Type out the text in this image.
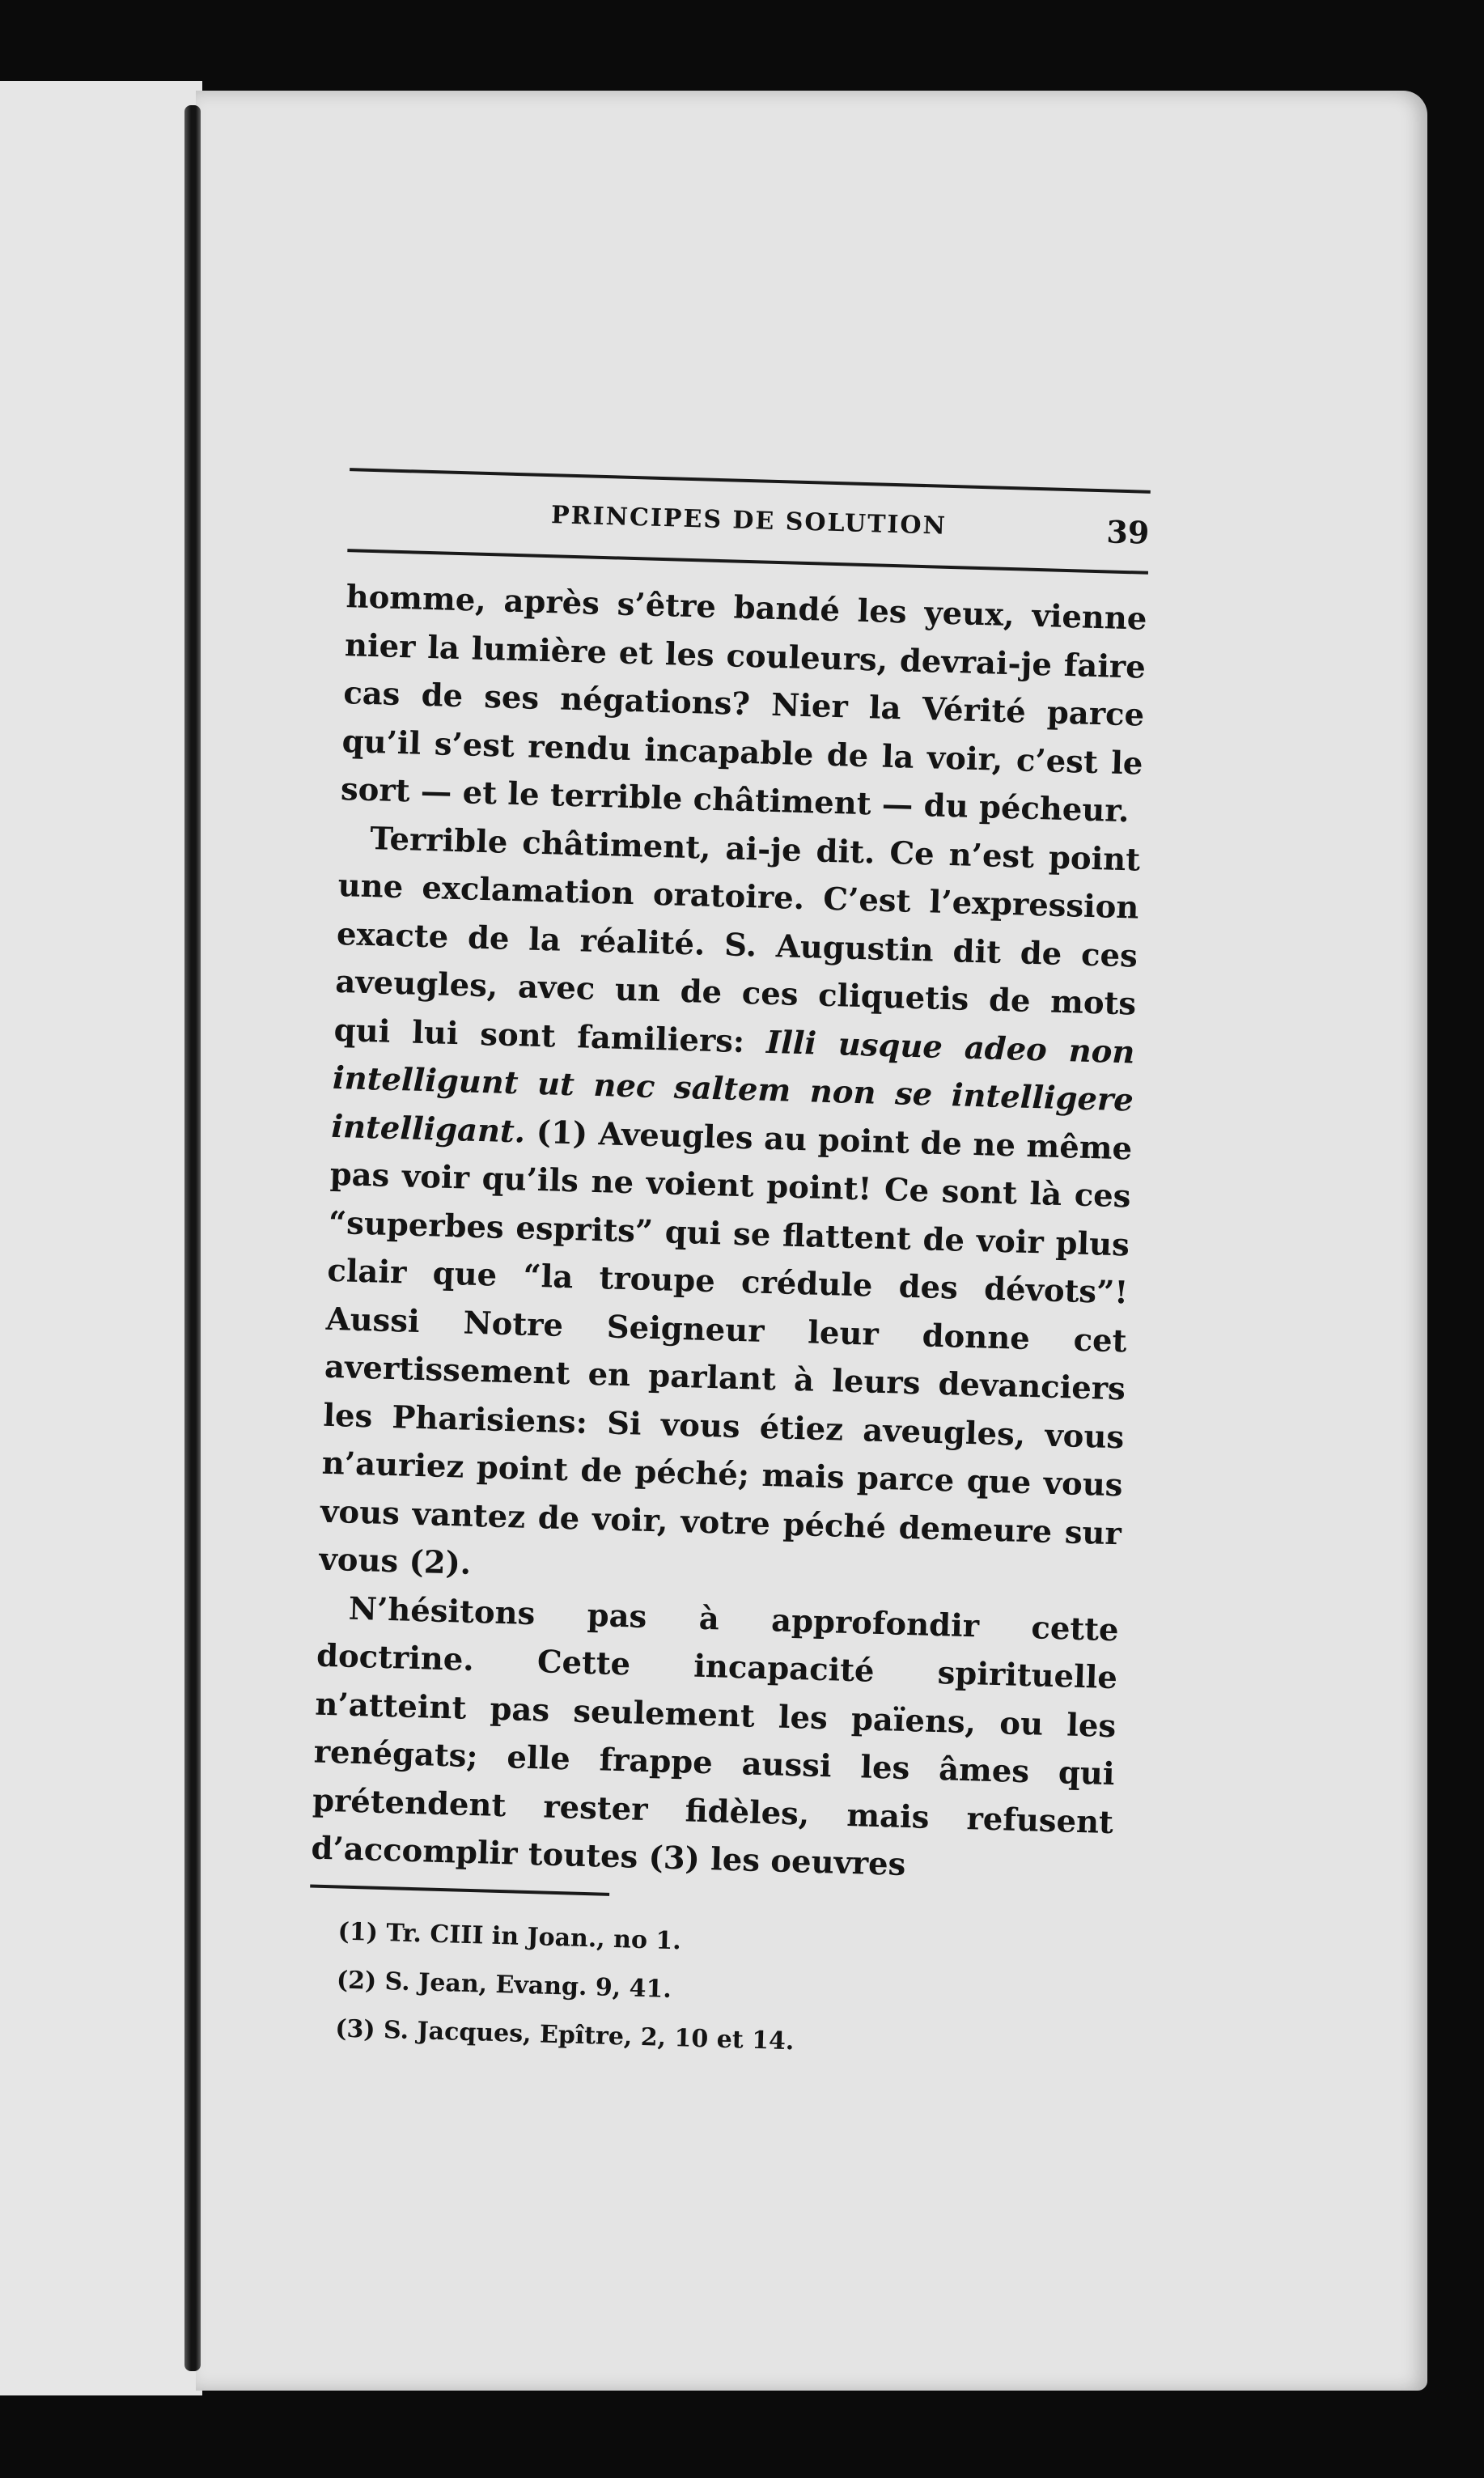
PRINCIPES DE SOLUTION	39

homme, après s’être bandé les yeux, vienne nier la lumière et les couleurs, devrai-je faire cas de ses négations? Nier la Vérité parce qu’il s’est rendu incapable de la voir, c’est le sort — et le terrible châtiment — du pécheur.

Terrible châtiment, ai-je dit. Ce n’est point une exclamation oratoire. C’est l’expression exacte de la réalité. S. Augustin dit de ces aveugles, avec un de ces cliquetis de mots qui lui sont familiers: Illi usque adeo non intelligunt ut nec saltem non se intelligere intelligant. (1) Aveugles au point de ne même pas voir qu’ils ne voient point! Ce sont là ces “superbes esprits” qui se flattent de voir plus clair que “la troupe crédule des dévots”! Aussi Notre Seigneur leur donne cet avertissement en parlant à leurs devanciers les Pharisiens: Si vous étiez aveugles, vous n’auriez point de péché; mais parce que vous vous vantez de voir, votre péché demeure sur vous (2).

N’hésitons pas à approfondir cette doctrine. Cette incapacité spirituelle n’atteint pas seulement les païens, ou les renégats; elle frappe aussi les âmes qui prétendent rester fidèles, mais refusent d’accomplir toutes (3) les oeuvres

(1) Tr. CIII in Joan., no 1.
(2) S. Jean, Evang. 9, 41.
(3) S. Jacques, Epître, 2, 10 et 14.
